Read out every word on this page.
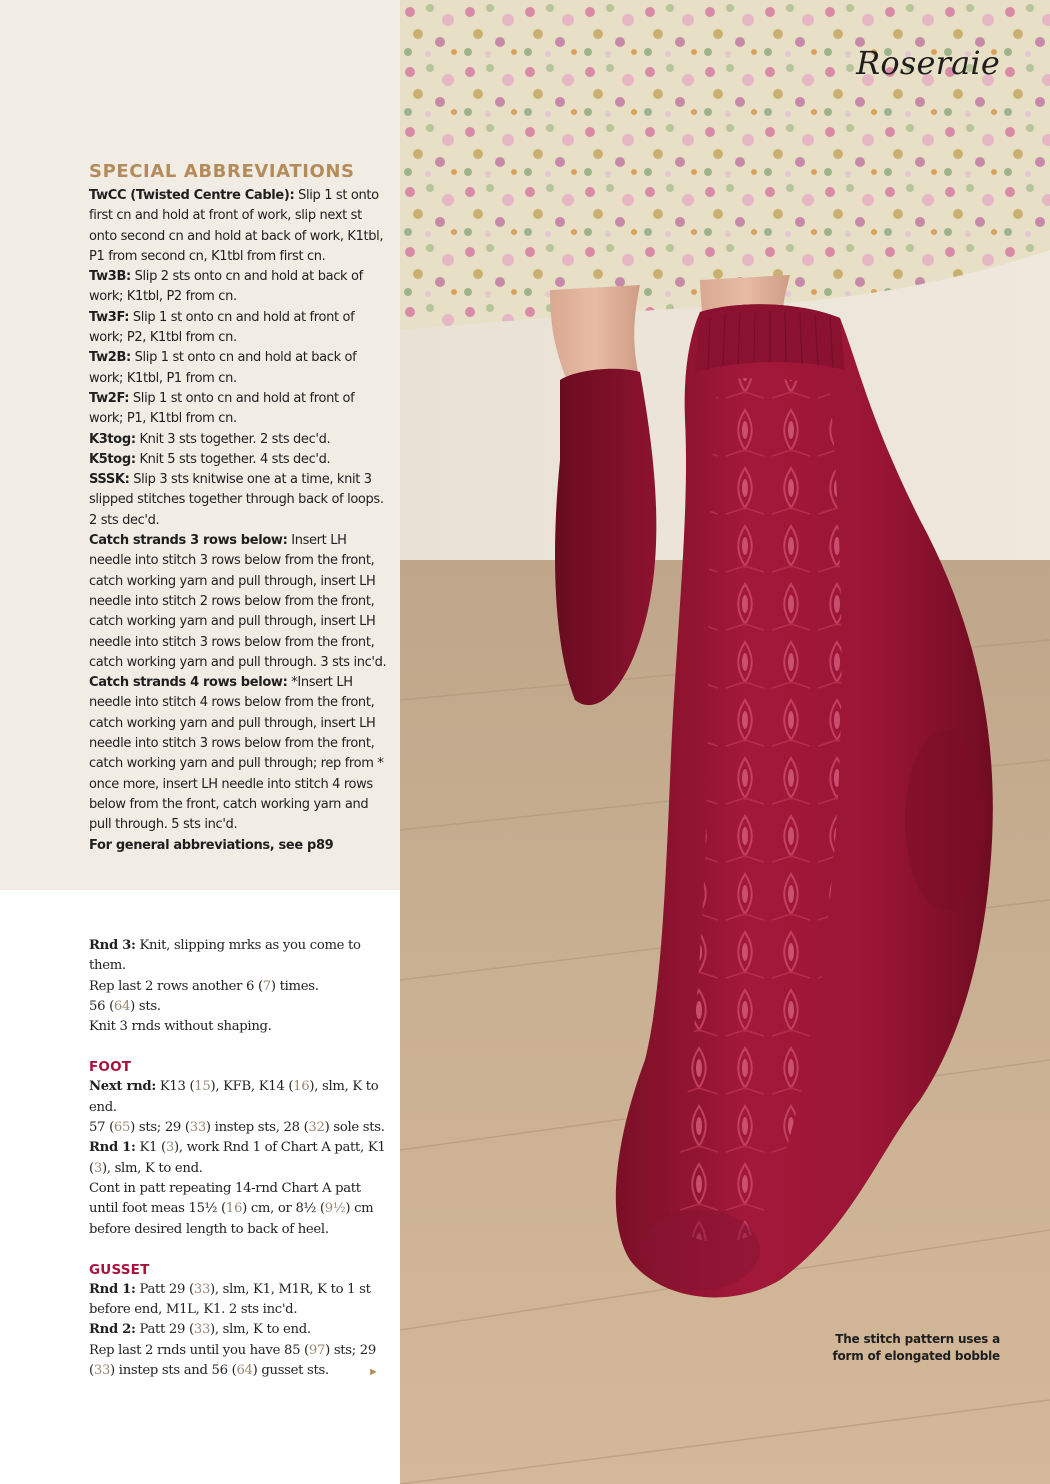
SPECIAL ABBREVIATIONS
TwCC (Twisted Centre Cable): Slip 1 st onto first cn and hold at front of work, slip next st onto second cn and hold at back of work, K1tbl, P1 from second cn, K1tbl from first cn.
Tw3B: Slip 2 sts onto cn and hold at back of work; K1tbl, P2 from cn.
Tw3F: Slip 1 st onto cn and hold at front of work; P2, K1tbl from cn.
Tw2B: Slip 1 st onto cn and hold at back of work; K1tbl, P1 from cn.
Tw2F: Slip 1 st onto cn and hold at front of work; P1, K1tbl from cn.
K3tog: Knit 3 sts together. 2 sts dec'd.
K5tog: Knit 5 sts together. 4 sts dec'd.
SSSK: Slip 3 sts knitwise one at a time, knit 3 slipped stitches together through back of loops. 2 sts dec'd.
Catch strands 3 rows below: Insert LH needle into stitch 3 rows below from the front, catch working yarn and pull through, insert LH needle into stitch 2 rows below from the front, catch working yarn and pull through, insert LH needle into stitch 3 rows below from the front, catch working yarn and pull through. 3 sts inc'd.
Catch strands 4 rows below: *Insert LH needle into stitch 4 rows below from the front, catch working yarn and pull through, insert LH needle into stitch 3 rows below from the front, catch working yarn and pull through; rep from * once more, insert LH needle into stitch 4 rows below from the front, catch working yarn and pull through. 5 sts inc'd.
For general abbreviations, see p89

Rnd 3: Knit, slipping mrks as you come to them.

Rep last 2 rows another 6 (7) times.

56 (64) sts.

Knit 3 rnds without shaping.

FOOT

Next rnd: K13 (15), KFB, K14 (16), slm, K to end.

57 (65) sts; 29 (33) instep sts, 28 (32) sole sts.

Rnd 1: K1 (3), work Rnd 1 of Chart A patt, K1 (3), slm, K to end.

Cont in patt repeating 14-rnd Chart A patt until foot meas 15½ (16) cm, or 8½ (9½) cm before desired length to back of heel.

GUSSET

Rnd 1: Patt 29 (33), slm, K1, M1R, K to 1 st before end, M1L, K1. 2 sts inc'd.

Rnd 2: Patt 29 (33), slm, K to end.

Rep last 2 rnds until you have 85 (97) sts; 29 (33) instep sts and 56 (64) gusset sts.	►
Roseraie
The stitch pattern uses a form of elongated bobble
